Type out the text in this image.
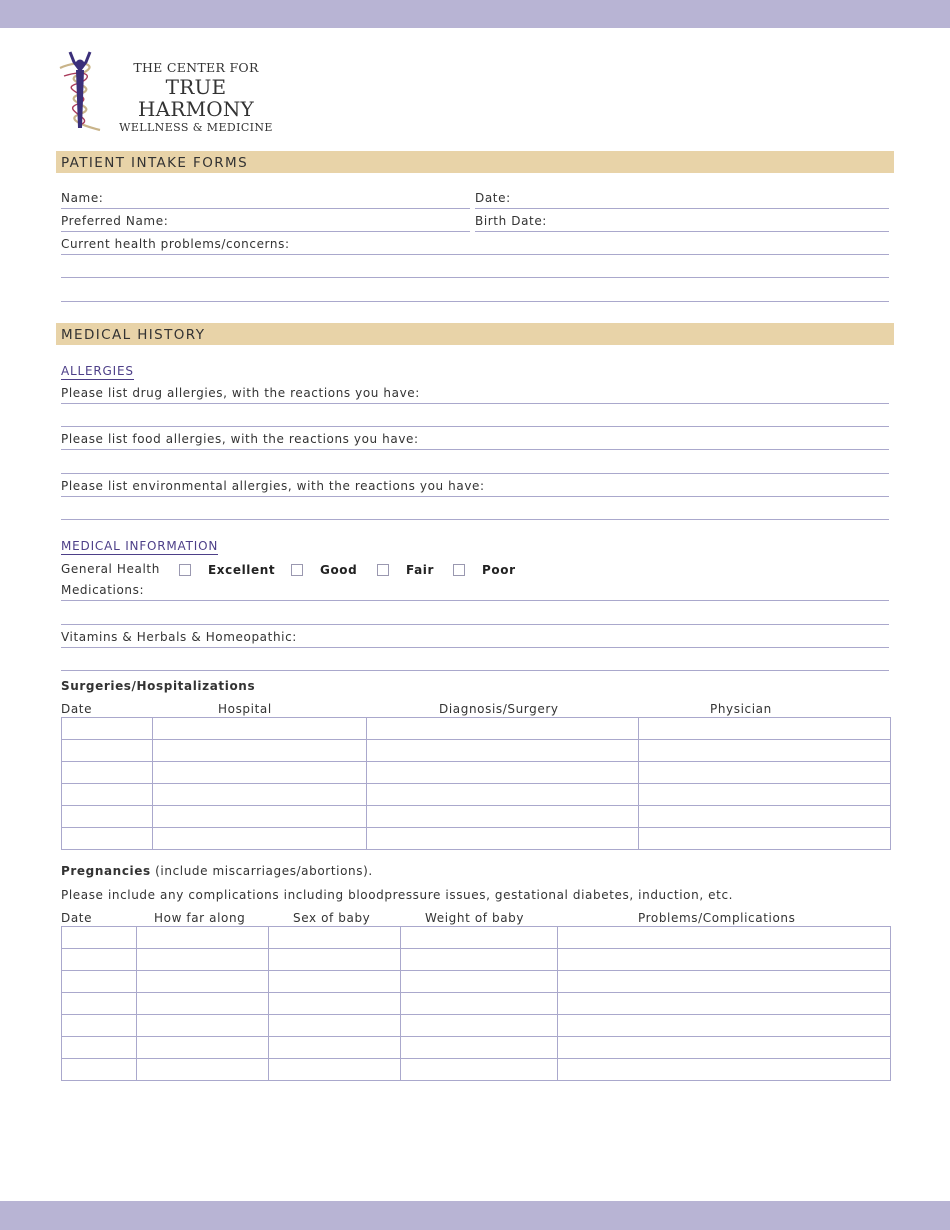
THE CENTER FOR
TRUE HARMONY
WELLNESS & MEDICINE
PATIENT INTAKE FORMS
Name:	Date:
Preferred Name:	Birth Date:
Current health problems/concerns:
MEDICAL HISTORY
ALLERGIES
Please list drug allergies, with the reactions you have:
Please list food allergies, with the reactions you have:
Please list environmental allergies, with the reactions you have:
MEDICAL INFORMATION
General Health	Excellent	Good	Fair	Poor
Medications:
Vitamins & Herbals & Homeopathic:
Surgeries/Hospitalizations
Date	Hospital	Diagnosis/Surgery	Physician

Pregnancies (include miscarriages/abortions).
Please include any complications including bloodpressure issues, gestational diabetes, induction, etc.
Date	How far along	Sex of baby	Weight of baby	Problems/Complications
